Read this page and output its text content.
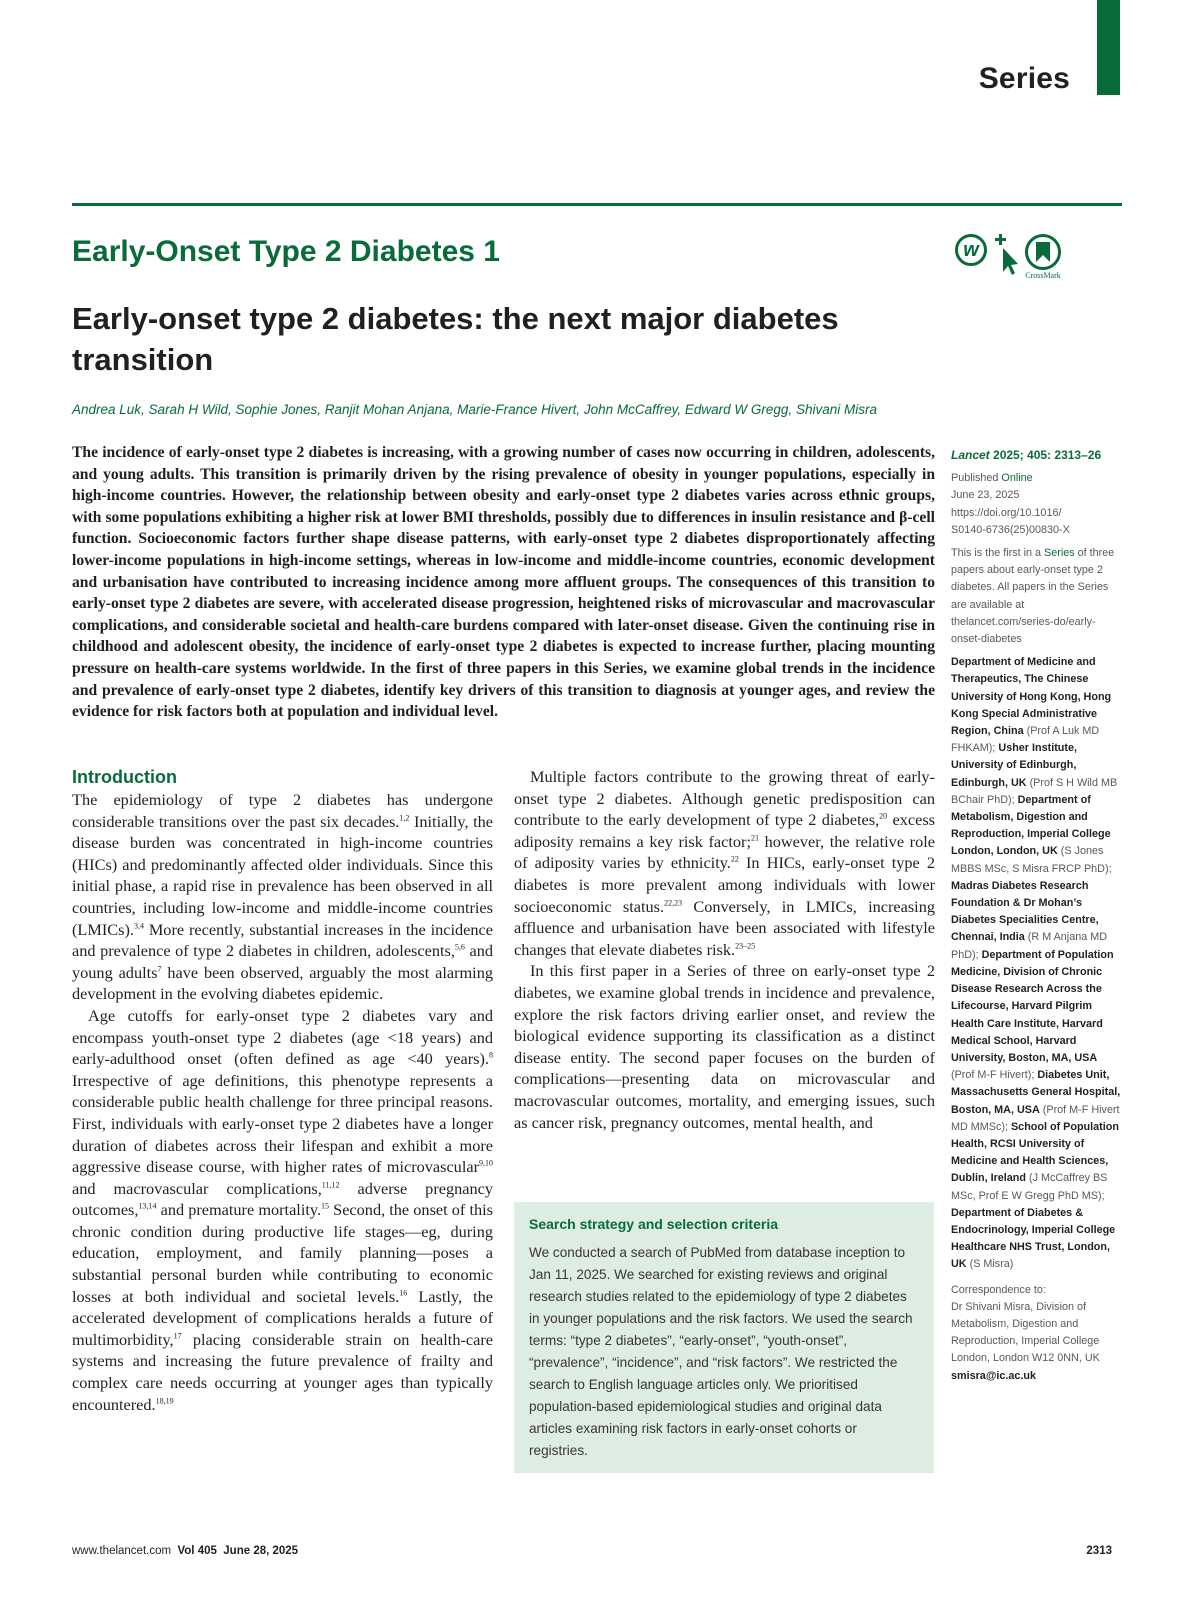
Series
Early-Onset Type 2 Diabetes 1	w
CrossMark
Early-onset type 2 diabetes: the next major diabetes transition
Andrea Luk, Sarah H Wild, Sophie Jones, Ranjit Mohan Anjana, Marie-France Hivert, John McCaffrey, Edward W Gregg, Shivani Misra
The incidence of early-onset type 2 diabetes is increasing, with a growing number of cases now occurring in children, adolescents, and young adults. This transition is primarily driven by the rising prevalence of obesity in younger populations, especially in high-income countries. However, the relationship between obesity and early-onset type 2 diabetes varies across ethnic groups, with some populations exhibiting a higher risk at lower BMI thresholds, possibly due to differences in insulin resistance and β-cell function. Socioeconomic factors further shape disease patterns, with early-onset type 2 diabetes disproportionately affecting lower-income populations in high-income settings, whereas in low-income and middle-income countries, economic development and urbanisation have contributed to increasing incidence among more affluent groups. The consequences of this transition to early-onset type 2 diabetes are severe, with accelerated disease progression, heightened risks of microvascular and macrovascular complications, and considerable societal and health-care burdens compared with later-onset disease. Given the continuing rise in childhood and adolescent obesity, the incidence of early-onset type 2 diabetes is expected to increase further, placing mounting pressure on health-care systems worldwide. In the first of three papers in this Series, we examine global trends in the incidence and prevalence of early-onset type 2 diabetes, identify key drivers of this transition to diagnosis at younger ages, and review the evidence for risk factors both at population and individual level.
Introduction

The epidemiology of type 2 diabetes has undergone considerable transitions over the past six decades.$^{1,2}$ Initially, the disease burden was concentrated in high-income countries (HICs) and predominantly affected older individuals. Since this initial phase, a rapid rise in prevalence has been observed in all countries, including low-income and middle-income countries (LMICs).$^{3,4}$ More recently, substantial increases in the incidence and prevalence of type 2 diabetes in children, adolescents,$^{5,6}$ and young adults$^7$ have been observed, arguably the most alarming development in the evolving diabetes epidemic.

Age cutoffs for early-onset type 2 diabetes vary and encompass youth-onset type 2 diabetes (age <18 years) and early-adulthood onset (often defined as age <40 years).$^8$ Irrespective of age definitions, this phenotype represents a considerable public health challenge for three principal reasons. First, individuals with early-onset type 2 diabetes have a longer duration of diabetes across their lifespan and exhibit a more aggressive disease course, with higher rates of microvascular$^{9,10}$ and macrovascular complications,$^{11,12}$ adverse pregnancy outcomes,$^{13,14}$ and premature mortality.$^{15}$ Second, the onset of this chronic condition during productive life stages—eg, during education, employment, and family planning—poses a substantial personal burden while contributing to economic losses at both individual and societal levels.$^{16}$ Lastly, the accelerated development of complications heralds a future of multimorbidity,$^{17}$ placing considerable strain on health-care systems and increasing the future prevalence of frailty and complex care needs occurring at younger ages than typically encountered.$^{18,19}$

Multiple factors contribute to the growing threat of early-onset type 2 diabetes. Although genetic predisposition can contribute to the early development of type 2 diabetes,$^{20}$ excess adiposity remains a key risk factor;$^{21}$ however, the relative role of adiposity varies by ethnicity.$^{22}$ In HICs, early-onset type 2 diabetes is more prevalent among individuals with lower socioeconomic status.$^{22,23}$ Conversely, in LMICs, increasing affluence and urbanisation have been associated with lifestyle changes that elevate diabetes risk.$^{23-25}$

In this first paper in a Series of three on early-onset type 2 diabetes, we examine global trends in incidence and prevalence, explore the risk factors driving earlier onset, and review the biological evidence supporting its classification as a distinct disease entity. The second paper focuses on the burden of complications—presenting data on microvascular and macrovascular outcomes, mortality, and emerging issues, such as cancer risk, pregnancy outcomes, mental health, and

Search strategy and selection criteria
We conducted a search of PubMed from database inception to Jan 11, 2025. We searched for existing reviews and original research studies related to the epidemiology of type 2 diabetes in younger populations and the risk factors. We used the search terms: “type 2 diabetes”, “early-onset”, “youth-onset”, “prevalence”, “incidence”, and “risk factors”. We restricted the search to English language articles only. We prioritised population-based epidemiological studies and original data articles examining risk factors in early-onset cohorts or registries.
Lancet 2025; 405: 2313–26
Published Online
June 23, 2025
https://doi.org/10.1016/
S0140-6736(25)00830-X
This is the first in a Series of three papers about early-onset type 2 diabetes. All papers in the Series are available at thelancet.com/series-do/early-onset-diabetes
Department of Medicine and Therapeutics, The Chinese University of Hong Kong, Hong Kong Special Administrative Region, China (Prof A Luk MD FHKAM); Usher Institute, University of Edinburgh, Edinburgh, UK (Prof S H Wild MB BChair PhD); Department of Metabolism, Digestion and Reproduction, Imperial College London, London, UK (S Jones MBBS MSc, S Misra FRCP PhD); Madras Diabetes Research Foundation & Dr Mohan’s Diabetes Specialities Centre, Chennai, India (R M Anjana MD PhD); Department of Population Medicine, Division of Chronic Disease Research Across the Lifecourse, Harvard Pilgrim Health Care Institute, Harvard Medical School, Harvard University, Boston, MA, USA (Prof M-F Hivert); Diabetes Unit, Massachusetts General Hospital, Boston, MA, USA (Prof M-F Hivert MD MMSc); School of Population Health, RCSI University of Medicine and Health Sciences, Dublin, Ireland (J McCaffrey BS MSc, Prof E W Gregg PhD MS); Department of Diabetes & Endocrinology, Imperial College Healthcare NHS Trust, London, UK (S Misra)
Correspondence to:
Dr Shivani Misra, Division of Metabolism, Digestion and Reproduction, Imperial College London, London W12 0NN, UK
smisra@ic.ac.uk
www.thelancet.com Vol 405 June 28, 2025	2313
